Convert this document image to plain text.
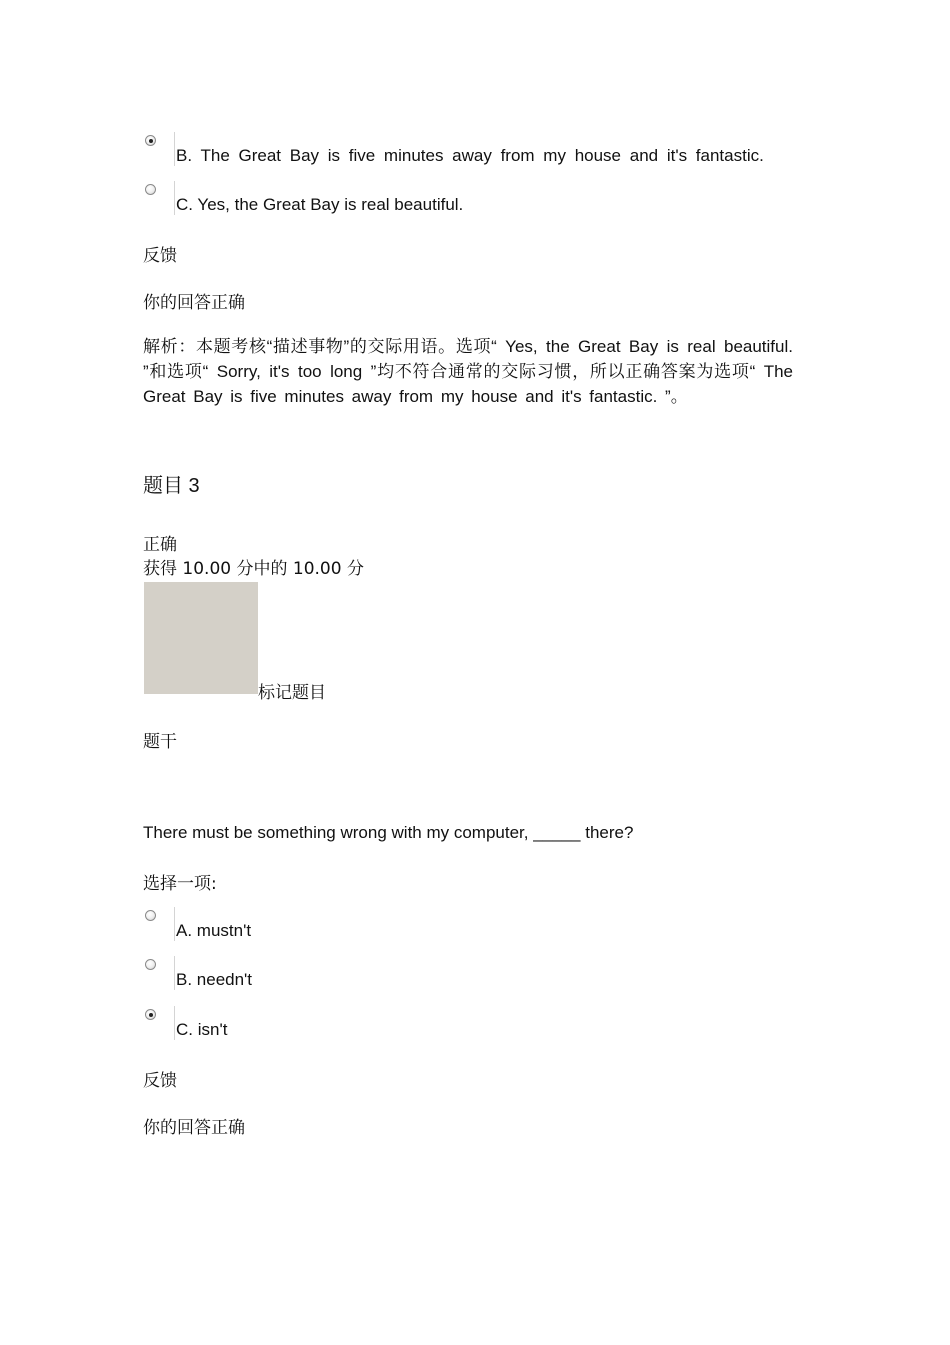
B. The Great Bay is five minutes away from my house and it's fantastic.
C. Yes, the Great Bay is real beautiful.
反馈
你的回答正确
解析：本题考核“描述事物”的交际用语。选项“ Yes, the Great Bay is real beautiful. ”和选项“ Sorry, it's too long ”均不符合通常的交际习惯，所以正确答案为选项“ The Great Bay is five minutes away from my house and it's fantastic. ”。
题目 3
正确
获得 10.00 分中的 10.00 分
标记题目
题干
There must be something wrong with my computer, _____ there?
选择一项:
A. mustn't
B. needn't
C. isn't
反馈
你的回答正确
